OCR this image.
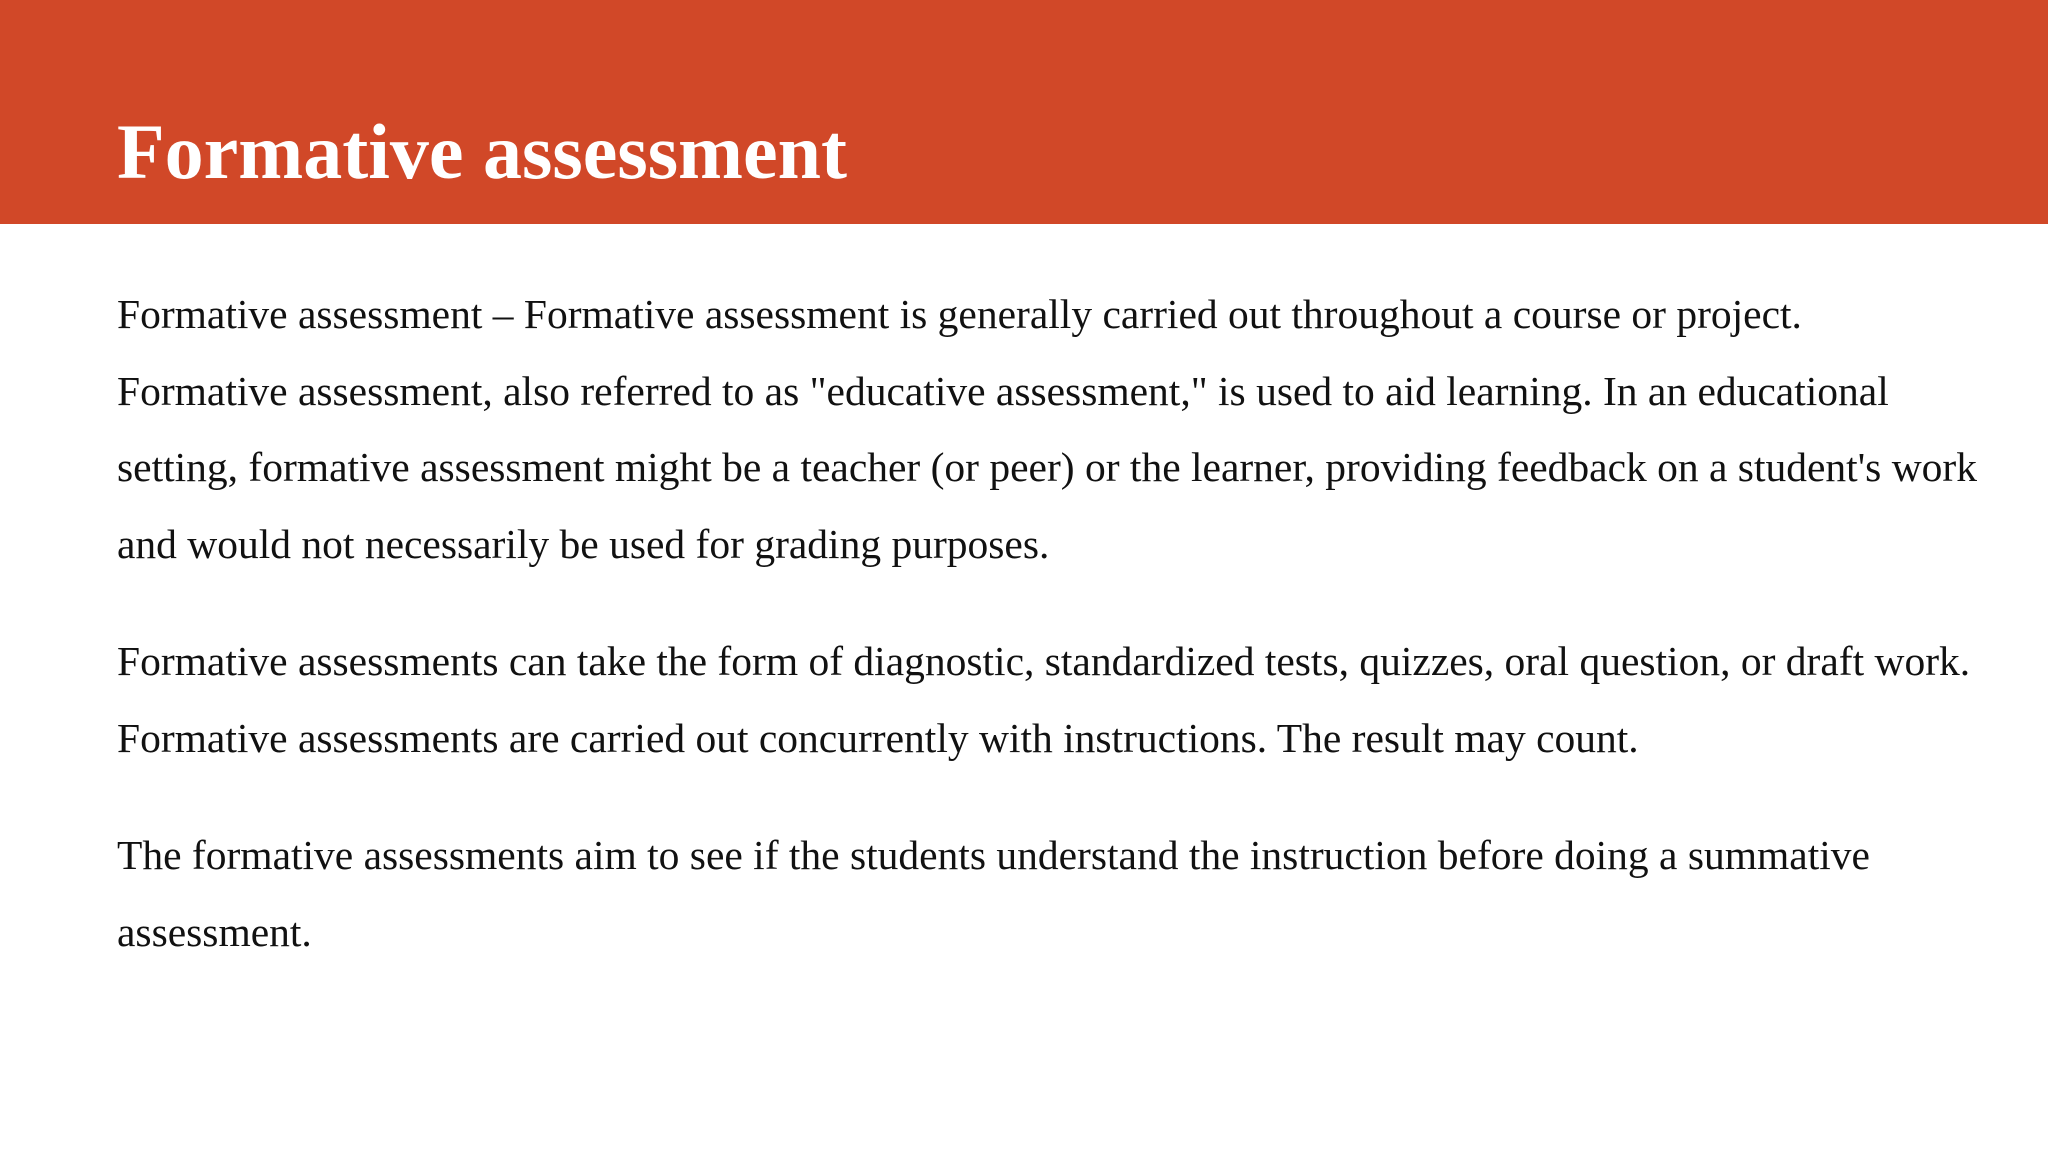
Formative assessment

Formative assessment – Formative assessment is generally carried out throughout a course or project. Formative assessment, also referred to as "educative assessment," is used to aid learning. In an educational setting, formative assessment might be a teacher (or peer) or the learner, providing feedback on a student's work and would not necessarily be used for grading purposes.

Formative assessments can take the form of diagnostic, standardized tests, quizzes, oral question, or draft work. Formative assessments are carried out concurrently with instructions. The result may count.

The formative assessments aim to see if the students understand the instruction before doing a summative assessment.
